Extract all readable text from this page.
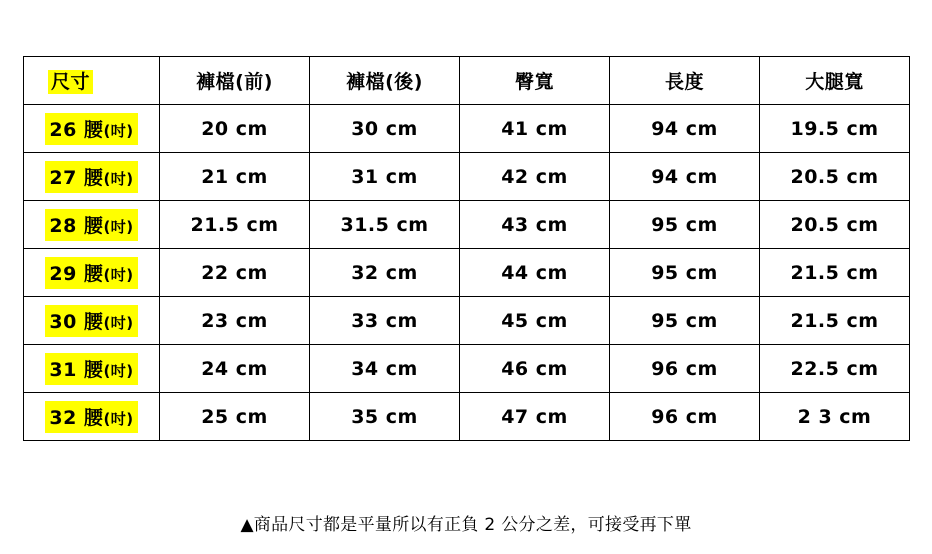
尺寸	褲檔(前)	褲檔(後)	臀寬	長度	大腿寬
26 腰(吋)	20 cm	30 cm	41 cm	94 cm	19.5 cm
27 腰(吋)	21 cm	31 cm	42 cm	94 cm	20.5 cm
28 腰(吋)	21.5 cm	31.5 cm	43 cm	95 cm	20.5 cm
29 腰(吋)	22 cm	32 cm	44 cm	95 cm	21.5 cm
30 腰(吋)	23 cm	33 cm	45 cm	95 cm	21.5 cm
31 腰(吋)	24 cm	34 cm	46 cm	96 cm	22.5 cm
32 腰(吋)	25 cm	35 cm	47 cm	96 cm	2 3 cm
▲商品尺寸都是平量所以有正負 2 公分之差，可接受再下單
